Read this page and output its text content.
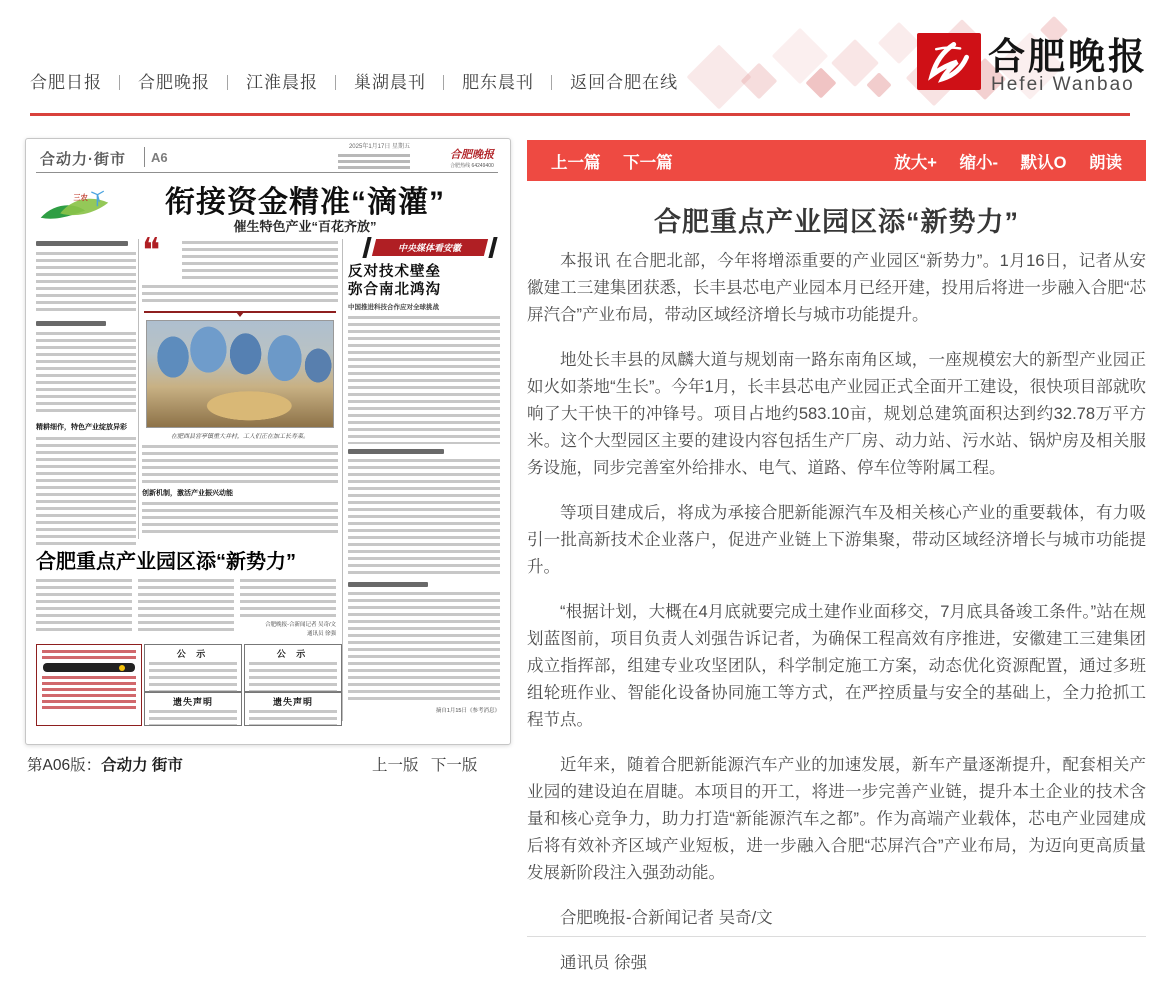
合肥晚报
Hefei Wanbao
合肥日报 ｜ 合肥晚报 ｜ 江淮晨报 ｜ 巢湖晨刊 ｜ 肥东晨刊 ｜ 返回合肥在线
合动力·街市 A6
2025年1月17日 星期五
合肥晚报
合肥热线 64249400
三农	衔接资金精准“滴灌”
催生特色产业“百花齐放”
精耕细作，特色产业绽放异彩
❝
在肥西县官亭镇重大井村，工人们正在加工长寿菜。
创新机制，激活产业振兴动能
中央媒体看安徽
反对技术壁垒
弥合南北鸿沟
中国推进科技合作应对全球挑战
摘自1月15日《参考消息》
合肥重点产业园区添“新势力”
合肥晚报-合新闻记者 吴奇/文
通讯员 徐强
公 示	公 示
遗失声明	遗失声明
第A06版：合动力 街市	上一版 下一版
上一篇 下一篇	放大+ 缩小- 默认O 朗读
合肥重点产业园区添“新势力”

本报讯 在合肥北部，今年将增添重要的产业园区“新势力”。1月16日，记者从安徽建工三建集团获悉，长丰县芯电产业园本月已经开建，投用后将进一步融入合肥“芯屏汽合”产业布局，带动区域经济增长与城市功能提升。

地处长丰县的凤麟大道与规划南一路东南角区域，一座规模宏大的新型产业园正如火如荼地“生长”。今年1月，长丰县芯电产业园正式全面开工建设，很快项目部就吹响了大干快干的冲锋号。项目占地约583.10亩，规划总建筑面积达到约32.78万平方米。这个大型园区主要的建设内容包括生产厂房、动力站、污水站、锅炉房及相关服务设施，同步完善室外给排水、电气、道路、停车位等附属工程。

等项目建成后，将成为承接合肥新能源汽车及相关核心产业的重要载体，有力吸引一批高新技术企业落户，促进产业链上下游集聚，带动区域经济增长与城市功能提升。

“根据计划，大概在4月底就要完成土建作业面移交，7月底具备竣工条件。”站在规划蓝图前，项目负责人刘强告诉记者，为确保工程高效有序推进，安徽建工三建集团成立指挥部，组建专业攻坚团队，科学制定施工方案，动态优化资源配置，通过多班组轮班作业、智能化设备协同施工等方式，在严控质量与安全的基础上，全力抢抓工程节点。

近年来，随着合肥新能源汽车产业的加速发展，新车产量逐渐提升，配套相关产业园的建设迫在眉睫。本项目的开工，将进一步完善产业链，提升本土企业的技术含量和核心竞争力，助力打造“新能源汽车之都”。作为高端产业载体，芯电产业园建成后将有效补齐区域产业短板，进一步融入合肥“芯屏汽合”产业布局，为迈向更高质量发展新阶段注入强劲动能。

合肥晚报-合新闻记者 吴奇/文

通讯员 徐强
